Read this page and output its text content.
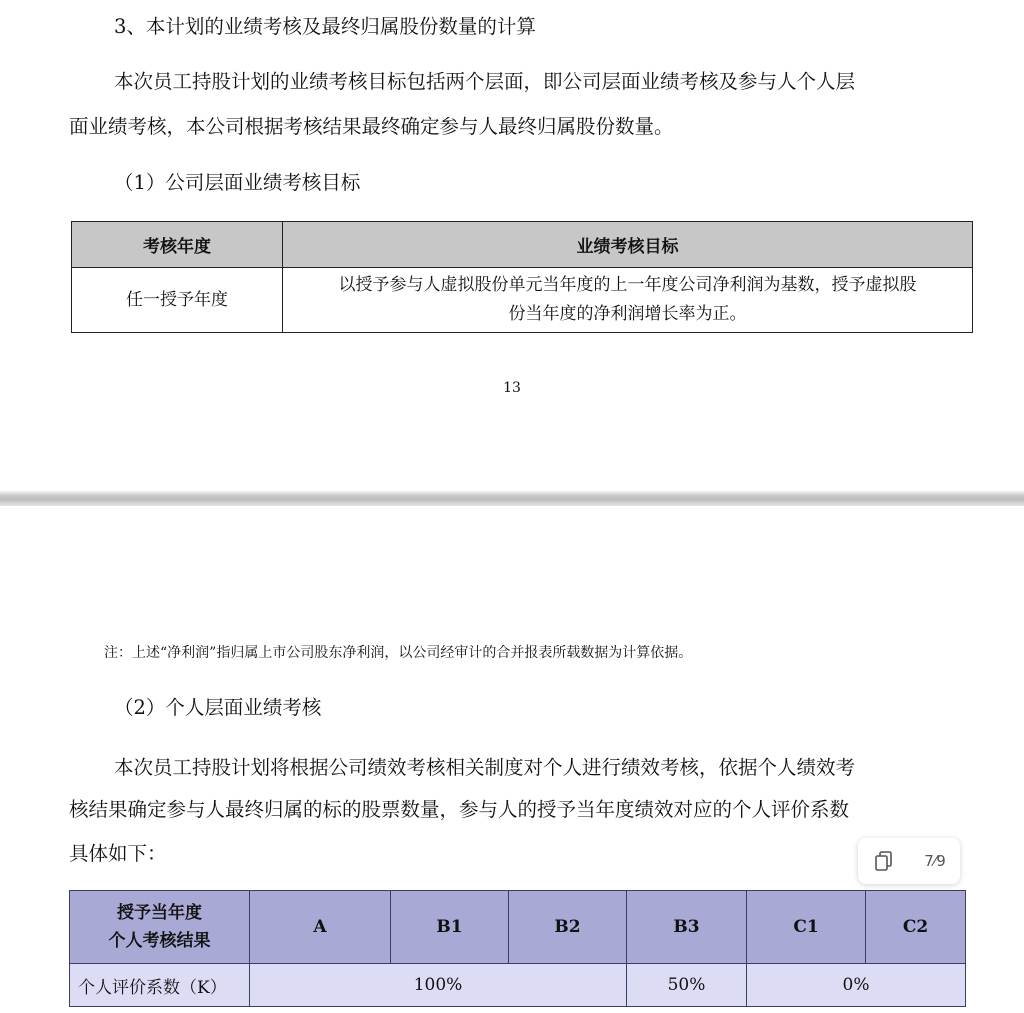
3、本计划的业绩考核及最终归属股份数量的计算
本次员工持股计划的业绩考核目标包括两个层面，即公司层面业绩考核及参与人个人层
面业绩考核，本公司根据考核结果最终确定参与人最终归属股份数量。
（1）公司层面业绩考核目标
考核年度	业绩考核目标
任一授予年度	以授予参与人虚拟股份单元当年度的上一年度公司净利润为基数，授予虚拟股
份当年度的净利润增长率为正。
13
注：上述“净利润”指归属上市公司股东净利润，以公司经审计的合并报表所载数据为计算依据。
（2）个人层面业绩考核
本次员工持股计划将根据公司绩效考核相关制度对个人进行绩效考核，依据个人绩效考
核结果确定参与人最终归属的标的股票数量，参与人的授予当年度绩效对应的个人评价系数
具体如下：
授予当年度
个人考核结果	A	B1	B2	B3	C1	C2
个人评价系数（K）	100%			50%	0%	
7⁄9
